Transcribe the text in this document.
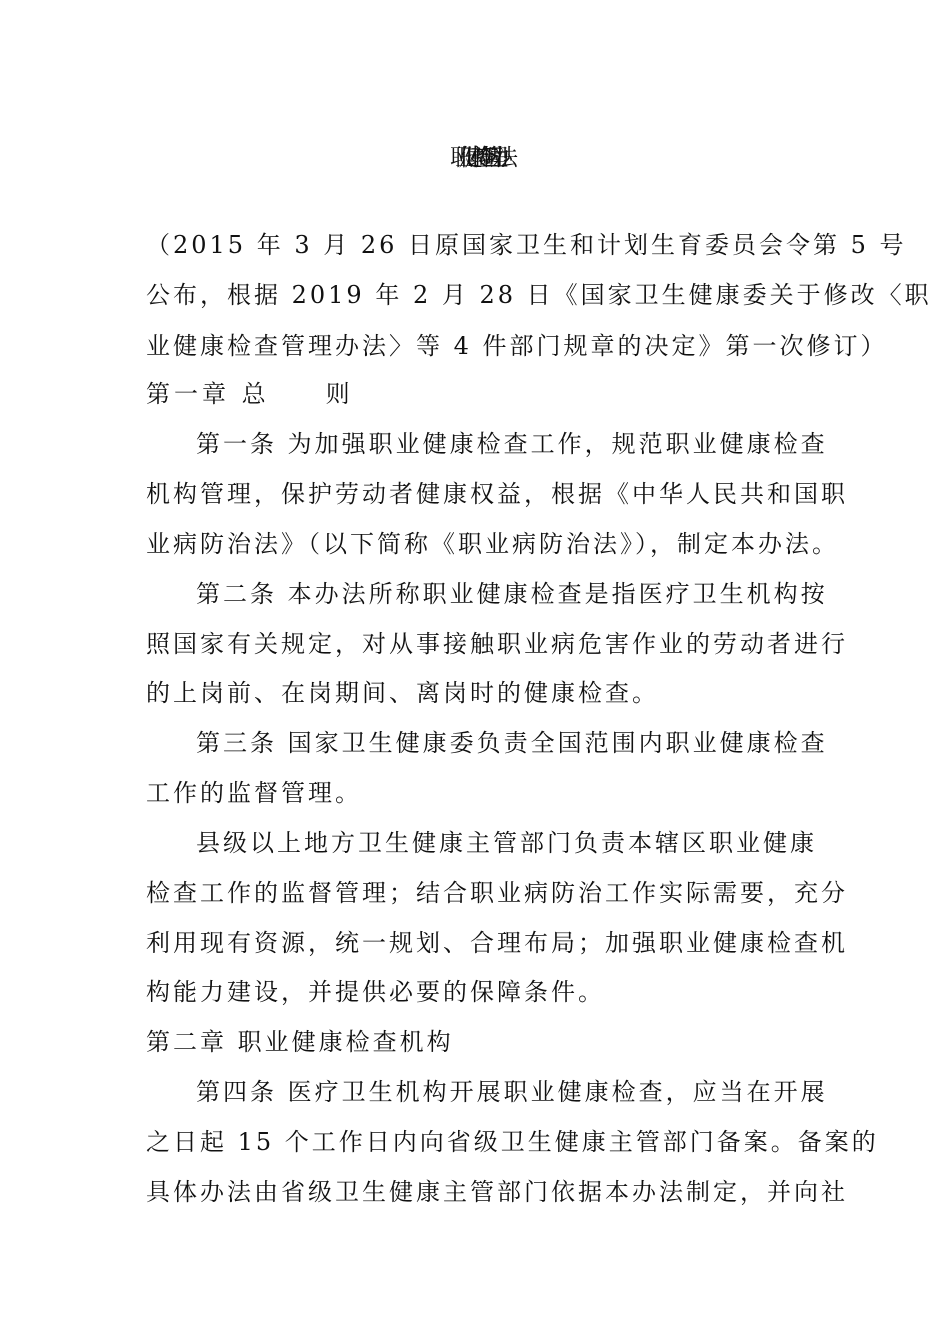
职业健康检查管理办法
（2015 年 3 月 26 日原国家卫生和计划生育委员会令第 5 号
公布，根据 2019 年 2 月 28 日《国家卫生健康委关于修改〈职
业健康检查管理办法〉等 4 件部门规章的决定》第一次修订）
第一章 总　　则
第一条 为加强职业健康检查工作，规范职业健康检查
机构管理，保护劳动者健康权益，根据《中华人民共和国职
业病防治法》（以下简称《职业病防治法》），制定本办法。
第二条 本办法所称职业健康检查是指医疗卫生机构按
照国家有关规定，对从事接触职业病危害作业的劳动者进行
的上岗前、在岗期间、离岗时的健康检查。
第三条 国家卫生健康委负责全国范围内职业健康检查
工作的监督管理。
县级以上地方卫生健康主管部门负责本辖区职业健康
检查工作的监督管理；结合职业病防治工作实际需要，充分
利用现有资源，统一规划、合理布局；加强职业健康检查机
构能力建设，并提供必要的保障条件。
第二章 职业健康检查机构
第四条 医疗卫生机构开展职业健康检查，应当在开展
之日起 15 个工作日内向省级卫生健康主管部门备案。备案的
具体办法由省级卫生健康主管部门依据本办法制定，并向社
